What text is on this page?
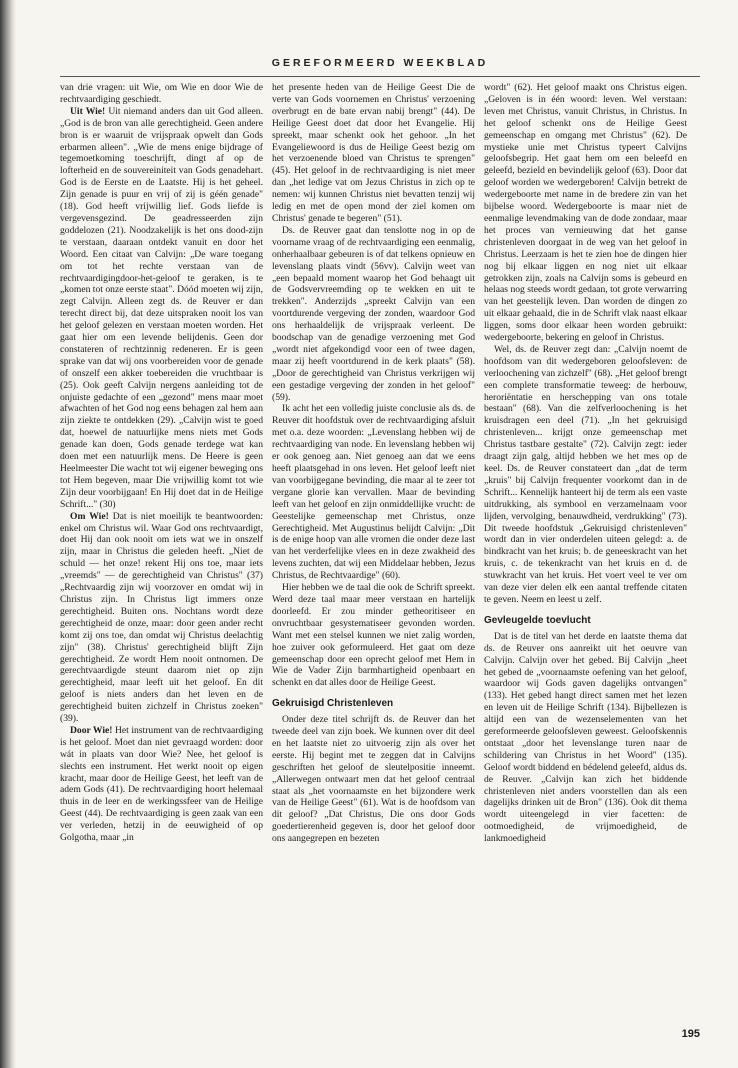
GEREFORMEERD WEEKBLAD

van drie vragen: uit Wie, om Wie en door Wie de rechtvaardiging geschiedt.

Uit Wie! Uit niemand anders dan uit God alleen. „God is de bron van alle gerechtigheid. Geen andere bron is er waaruit de vrijspraak opwelt dan Gods erbarmen alleen". „Wie de mens enige bijdrage of tegemoetkoming toeschrijft, dingt af op de lofterheid en de souvereiniteit van Gods genadehart. God is de Eerste en de Laatste. Hij is het geheel. Zijn genade is puur en vrij of zij is géén genade" (18). God heeft vrijwillig lief. Gods liefde is vergevensgezind. De geadresseerden zijn goddelozen (21). Noodzakelijk is het ons dood-zijn te verstaan, daaraan ontdekt vanuit en door het Woord. Een citaat van Calvijn: „De ware toegang om tot het rechte verstaan van de rechtvaardigingdoor-het-geloof te geraken, is te „komen tot onze eerste staat". Dóód moeten wij zijn, zegt Calvijn. Alleen zegt ds. de Reuver er dan terecht direct bij, dat deze uitspraken nooit los van het geloof gelezen en verstaan moeten worden. Het gaat hier om een levende belijdenis. Geen dor constateren of rechtzinnig redeneren. Er is geen sprake van dat wij ons voorbereiden voor de genade of onszelf een akker toebereiden die vruchtbaar is (25). Ook geeft Calvijn nergens aanleiding tot de onjuiste gedachte of een „gezond" mens maar moet afwachten of het God nog eens behagen zal hem aan zijn ziekte te ontdekken (29). „Calvijn wist te goed dat, hoewel de natuurlijke mens niets met Gods genade kan doen, Gods genade terdege wat kan doen met een natuurlijk mens. De Heere is geen Heelmeester Die wacht tot wij eigener beweging ons tot Hem begeven, maar Die vrijwillig komt tot wie Zijn deur voorbijgaan! En Hij doet dat in de Heilige Schrift..." (30)

Om Wie! Dat is niet moeilijk te beantwoorden: enkel om Christus wil. Waar God ons rechtvaardigt, doet Hij dan ook nooit om iets wat we in onszelf zijn, maar in Christus die geleden heeft. „Niet de schuld — het onze! rekent Hij ons toe, maar iets „vreemds" — de gerechtigheid van Christus" (37) „Rechtvaardig zijn wij voorzover en omdat wij in Christus zijn. In Christus ligt immers onze gerechtigheid. Buiten ons. Nochtans wordt deze gerechtigheid de onze, maar: door geen ander recht komt zij ons toe, dan omdat wij Christus deelachtig zijn" (38). Christus' gerechtigheid blijft Zijn gerechtigheid. Ze wordt Hem nooit ontnomen. De gerechtvaardigde steunt daarom niet op zijn gerechtigheid, maar leeft uit het geloof. En dit geloof is niets anders dan het leven en de gerechtigheid buiten zichzelf in Christus zoeken" (39).

Door Wie! Het instrument van de rechtvaardiging is het geloof. Moet dan niet gevraagd worden: door wát in plaats van door Wie? Nee, het geloof is slechts een instrument. Het werkt nooit op eigen kracht, maar door de Heilige Geest, het leeft van de adem Gods (41). De rechtvaardiging hoort helemaal thuis in de leer en de werkingssfeer van de Heilige Geest (44). De rechtvaardiging is geen zaak van een ver verleden, hetzij in de eeuwigheid of op Golgotha, maar „in

het presente heden van de Heilige Geest Die de verte van Gods voornemen en Christus' verzoening overbrugt en de bate ervan nabij brengt" (44). De Heilige Geest doet dat door het Evangelie. Hij spreekt, maar schenkt ook het gehoor. „In het Evangeliewoord is dus de Heilige Geest bezig om het verzoenende bloed van Christus te sprengen" (45). Het geloof in de rechtvaardiging is niet meer dan „het ledige vat om Jezus Christus in zich op te nemen: wij kunnen Christus niet bevatten tenzij wij ledig en met de open mond der ziel komen om Christus' genade te begeren" (51).

Ds. de Reuver gaat dan tenslotte nog in op de voorname vraag of de rechtvaardiging een eenmalig, onherhaalbaar gebeuren is of dat telkens opnieuw en levenslang plaats vindt (56vv). Calvijn weet van „een bepaald moment waarop het God behaagt uit de Godsvervreemding op te wekken en uit te trekken". Anderzijds „spreekt Calvijn van een voortdurende vergeving der zonden, waardoor God ons herhaaldelijk de vrijspraak verleent. De boodschap van de genadige verzoening met God „wordt niet afgekondigd voor een of twee dagen, maar zij heeft voortdurend in de kerk plaats" (58). „Door de gerechtigheid van Christus verkrijgen wij een gestadige vergeving der zonden in het geloof" (59).

Ik acht het een volledig juiste conclusie als ds. de Reuver dit hoofdstuk over de rechtvaardiging afsluit met o.a. deze woorden: „Levenslang hebben wij de rechtvaardiging van node. En levenslang hebben wij er ook genoeg aan. Niet genoeg aan dat we eens heeft plaatsgehad in ons leven. Het geloof leeft niet van voorbijgegane bevinding, die maar al te zeer tot vergane glorie kan vervallen. Maar de bevinding leeft van het geloof en zijn onmiddellijke vrucht: de Geestelijke gemeenschap met Christus, onze Gerechtigheid. Met Augustinus belijdt Calvijn: „Dit is de enige hoop van alle vromen die onder deze last van het verderfelijke vlees en in deze zwakheid des levens zuchten, dat wij een Middelaar hebben, Jezus Christus, de Rechtvaardige" (60).

Hier hebben we de taal die ook de Schrift spreekt. Werd deze taal maar meer verstaan en hartelijk doorleefd. Er zou minder getheoritiseer en onvruchtbaar gesystematiseer gevonden worden. Want met een stelsel kunnen we niet zalig worden, hoe zuiver ook geformuleerd. Het gaat om deze gemeenschap door een oprecht geloof met Hem in Wie de Vader Zijn barmhartigheid openbaart en schenkt en dat alles door de Heilige Geest.

Gekruisigd Christenleven

Onder deze titel schrijft ds. de Reuver dan het tweede deel van zijn boek. We kunnen over dit deel en het laatste niet zo uitvoerig zijn als over het eerste. Hij begint met te zeggen dat in Calvijns geschriften het geloof de sleutelpositie inneemt. „Allerwegen ontwaart men dat het geloof centraal staat als „het voornaamste en het bijzondere werk van de Heilige Geest" (61). Wat is de hoofdsom van dit geloof? „Dat Christus, Die ons door Gods goedertierenheid gegeven is, door het geloof door ons aangegrepen en bezeten

wordt" (62). Het geloof maakt ons Christus eigen. „Geloven is in één woord: leven. Wel verstaan: leven met Christus, vanuit Christus, in Christus. In het geloof schenkt ons de Heilige Geest gemeenschap en omgang met Christus" (62). De mystieke unie met Christus typeert Calvijns geloofsbegrip. Het gaat hem om een beleefd en geleefd, bezield en bevindelijk geloof (63). Door dat geloof worden we wedergeboren! Calvijn betrekt de wedergeboorte met name in de bredere zin van het bijbelse woord. Wedergeboorte is maar niet de eenmalige levendmaking van de dode zondaar, maar het proces van vernieuwing dat het ganse christenleven doorgaat in de weg van het geloof in Christus. Leerzaam is het te zien hoe de dingen hier nog bij elkaar liggen en nog niet uit elkaar getrokken zijn, zoals na Calvijn soms is gebeurd en helaas nog steeds wordt gedaan, tot grote verwarring van het geestelijk leven. Dan worden de dingen zo uit elkaar gehaald, die in de Schrift vlak naast elkaar liggen, soms door elkaar heen worden gebruikt: wedergeboorte, bekering en geloof in Christus.

Wel, ds. de Reuver zegt dan: „Calvijn noemt de hoofdsom van dit wedergeboren geloofsleven: de verloochening van zichzelf" (68). „Het geloof brengt een complete transformatie teweeg: de herbouw, heroriëntatie en herschepping van ons totale bestaan" (68). Van die zelfverloochening is het kruisdragen een deel (71). „In het gekruisigd christenleven... krijgt onze gemeenschap met Christus tastbare gestalte" (72). Calvijn zegt: ieder draagt zijn galg, altijd hebben we het mes op de keel. Ds. de Reuver constateert dan „dat de term „kruis" bij Calvijn frequenter voorkomt dan in de Schrift... Kennelijk hanteert hij de term als een vaste uitdrukking, als symbool en verzamelnaam voor lijden, vervolging, benauwdheid, verdrukking" (73). Dit tweede hoofdstuk „Gekruisigd christenleven" wordt dan in vier onderdelen uiteen gelegd: a. de bindkracht van het kruis; b. de geneeskracht van het kruis, c. de tekenkracht van het kruis en d. de stuwkracht van het kruis. Het voert veel te ver om van deze vier delen elk een aantal treffende citaten te geven. Neem en leest u zelf.

Gevleugelde toevlucht

Dat is de titel van het derde en laatste thema dat ds. de Reuver ons aanreikt uit het oeuvre van Calvijn. Calvijn over het gebed. Bij Calvijn „heet het gebed de „voornaamste oefening van het geloof, waardoor wij Gods gaven dagelijks ontvangen" (133). Het gebed hangt direct samen met het lezen en leven uit de Heilige Schrift (134). Bijbellezen is altijd een van de wezenselementen van het gereformeerde geloofsleven geweest. Geloofskennis ontstaat „door het levenslange turen naar de schildering van Christus in het Woord" (135). Geloof wordt biddend en bédelend geleefd, aldus ds. de Reuver. „Calvijn kan zich het biddende christenleven niet anders voorstellen dan als een dagelijks drinken uit de Bron" (136). Ook dit thema wordt uiteengelegd in vier facetten: de ootmoedigheid, de vrijmoedigheid, de lankmoedigheid

195
